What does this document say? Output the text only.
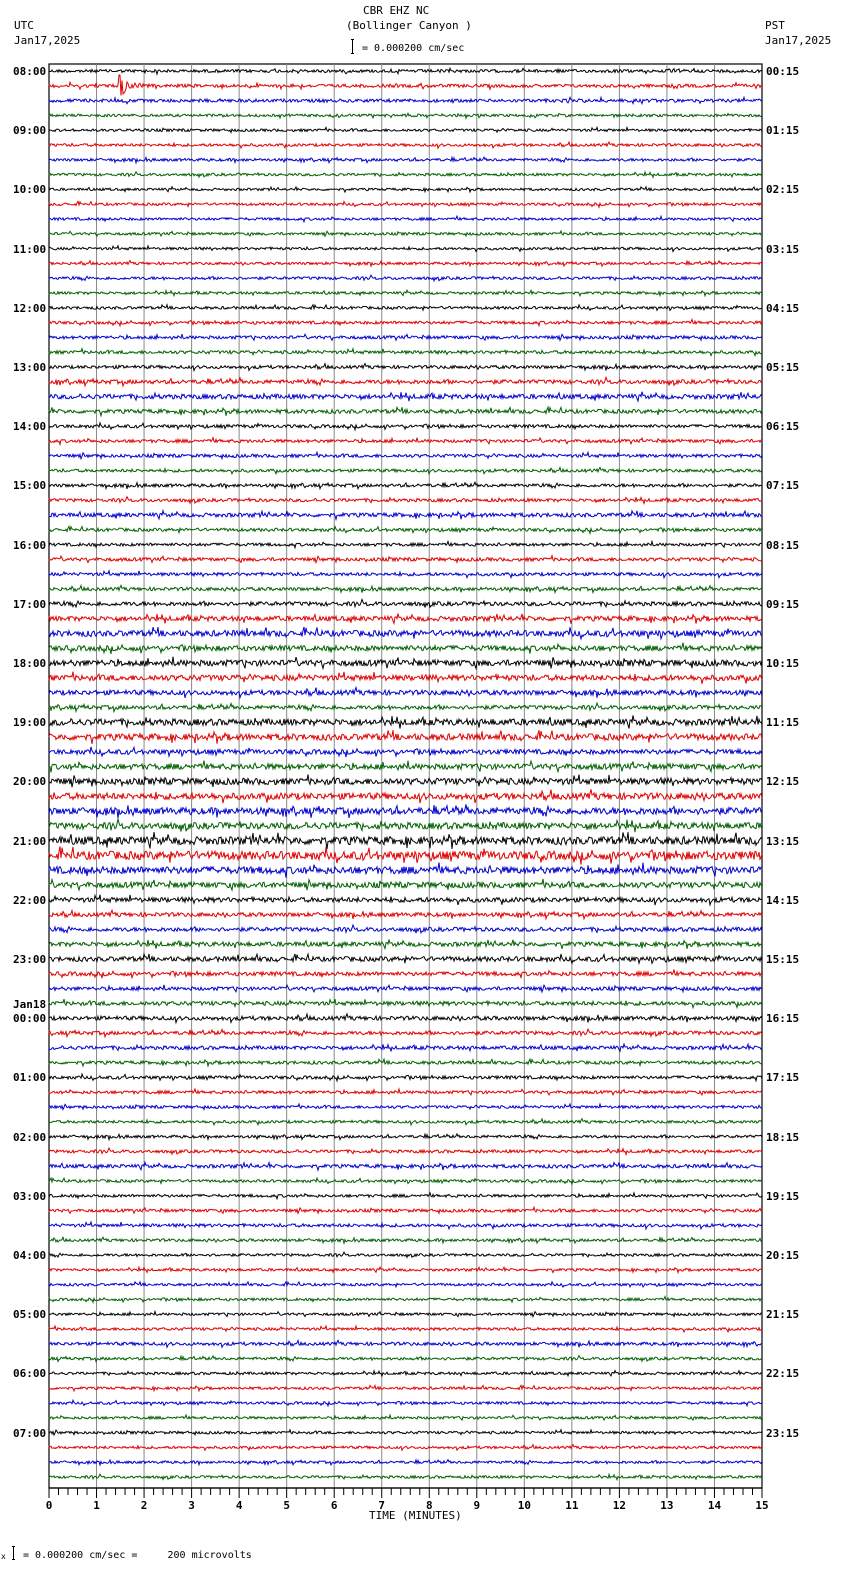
CBR EHZ NC
(Bollinger Canyon )
UTC
Jan17,2025
PST
Jan17,2025
= 0.000200 cm/sec
0	1	2	3	4	5	6	7	8	9	10	11	12	13	14	15
08:00
09:00
10:00
11:00
12:00
13:00
14:00
15:00
16:00
17:00
18:00
19:00
20:00
21:00
22:00
23:00
00:00
Jan18
01:00
02:00
03:00
04:00
05:00
06:00
07:00
00:15
01:15
02:15
03:15
04:15
05:15
06:15
07:15
08:15
09:15
10:15
11:15
12:15
13:15
14:15
15:15
16:15
17:15
18:15
19:15
20:15
21:15
22:15
23:15
TIME (MINUTES)
x = 0.000200 cm/sec =     200 microvolts
